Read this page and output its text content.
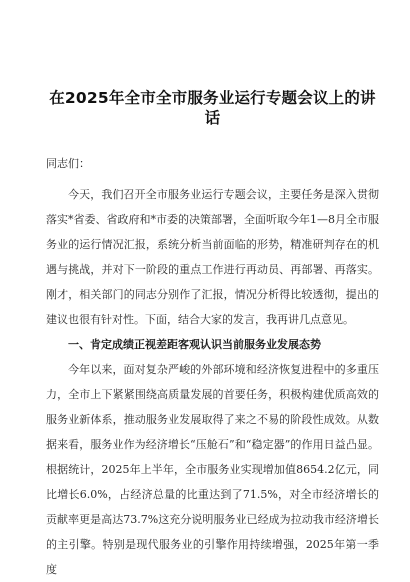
在2025年全市全市服务业运行专题会议上的讲话

同志们：

今天，我们召开全市服务业运行专题会议，主要任务是深入贯彻落实*省委、省政府和*市委的决策部署，全面听取今年1—8月全市服务业的运行情况汇报，系统分析当前面临的形势，精准研判存在的机遇与挑战，并对下一阶段的重点工作进行再动员、再部署、再落实。刚才，相关部门的同志分别作了汇报，情况分析得比较透彻，提出的建议也很有针对性。下面，结合大家的发言，我再讲几点意见。

一、肯定成绩正视差距客观认识当前服务业发展态势

今年以来，面对复杂严峻的外部环境和经济恢复进程中的多重压力，全市上下紧紧围绕高质量发展的首要任务，积极构建优质高效的服务业新体系，推动服务业发展取得了来之不易的阶段性成效。从数据来看，服务业作为经济增长“压舱石”和“稳定器”的作用日益凸显。根据统计，2025年上半年，全市服务业实现增加值8654.2亿元，同比增长6.0%，占经济总量的比重达到了71.5%，对全市经济增长的贡献率更是高达73.7%这充分说明服务业已经成为拉动我市经济增长的主引擎。特别是现代服务业的引擎作用持续增强，2025年第一季度
